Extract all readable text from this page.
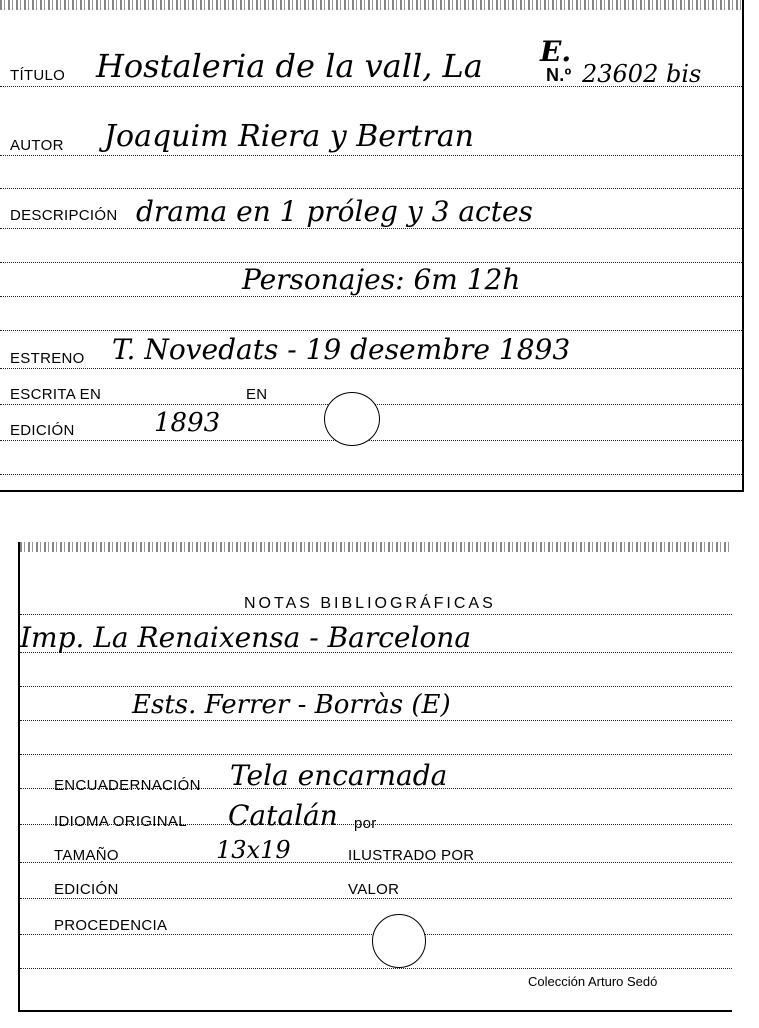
TÍTULO Hostaleria de la vall, La E.
N.º 23602 bis
AUTOR Joaquim Riera y Bertran
DESCRIPCIÓN drama en 1 próleg y 3 actes
Personajes: 6m 12h
ESTRENO T. Novedats - 19 desembre 1893
ESCRITA EN	EN
EDICIÓN	1893
NOTAS BIBLIOGRÁFICAS
Imp. La Renaixensa - Barcelona
Ests. Ferrer - Borràs (E)
ENCUADERNACIÓN Tela encarnada
IDIOMA ORIGINAL Catalán por
TAMAÑO	13x19	ILUSTRADO POR
EDICIÓN	VALOR
PROCEDENCIA
Colección Arturo Sedó
